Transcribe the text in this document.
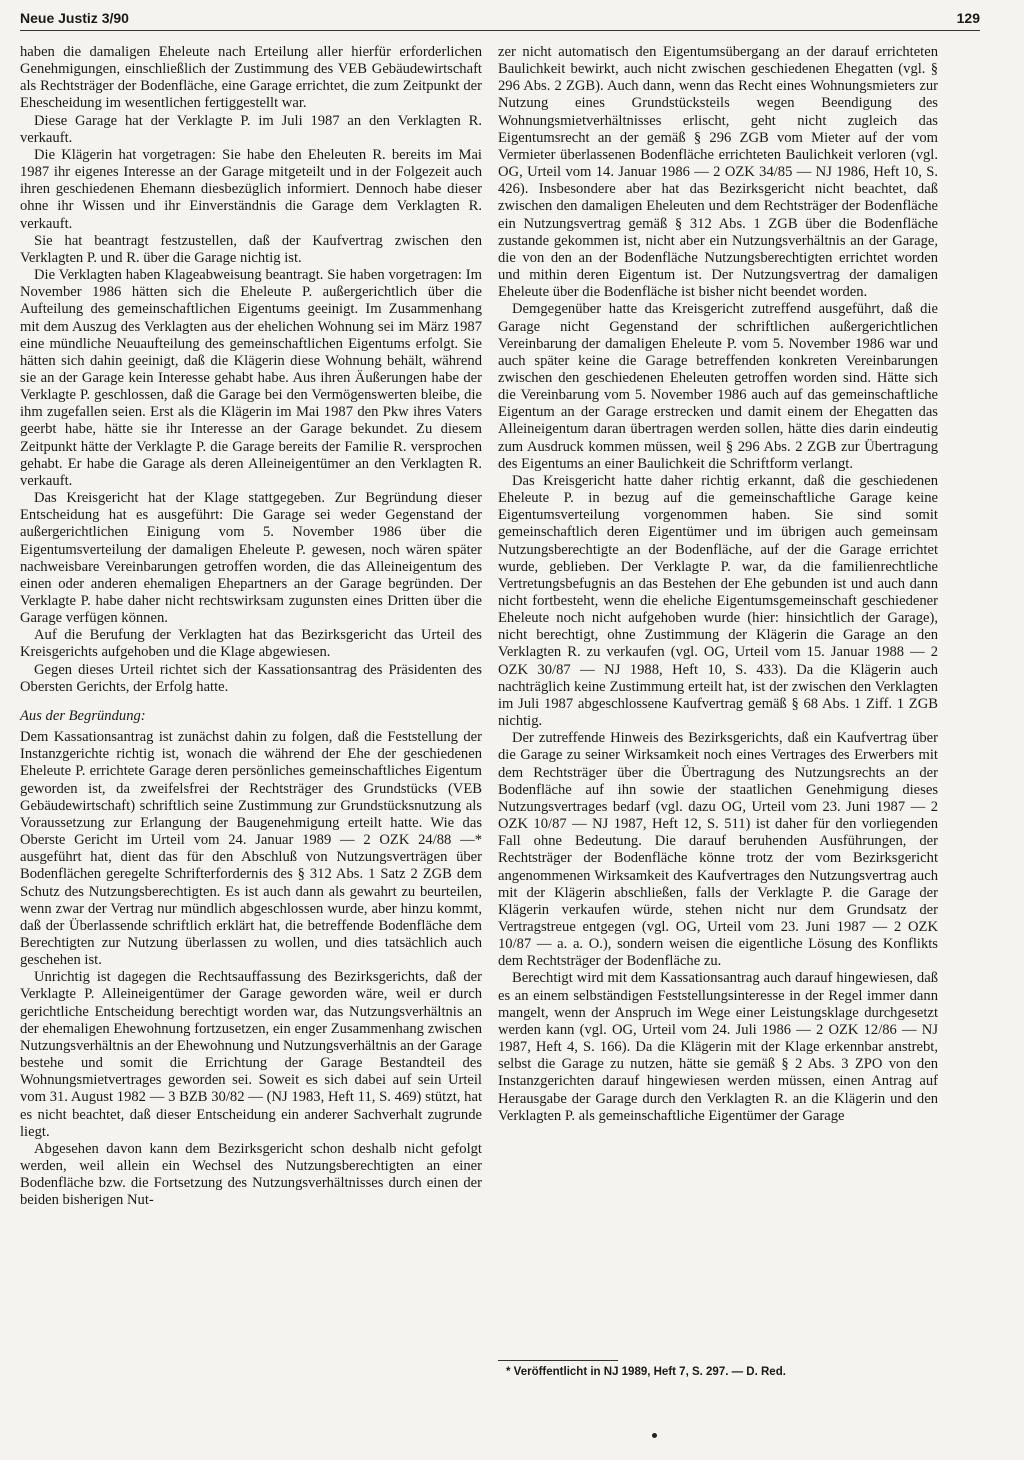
Neue Justiz 3/90	129

haben die damaligen Eheleute nach Erteilung aller hierfür erforderlichen Genehmigungen, einschließlich der Zustimmung des VEB Gebäudewirtschaft als Rechtsträger der Bodenfläche, eine Garage errichtet, die zum Zeitpunkt der Ehescheidung im wesentlichen fertiggestellt war.

Diese Garage hat der Verklagte P. im Juli 1987 an den Verklagten R. verkauft.

Die Klägerin hat vorgetragen: Sie habe den Eheleuten R. bereits im Mai 1987 ihr eigenes Interesse an der Garage mitgeteilt und in der Folgezeit auch ihren geschiedenen Ehemann diesbezüglich informiert. Dennoch habe dieser ohne ihr Wissen und ihr Einverständnis die Garage dem Verklagten R. verkauft.

Sie hat beantragt festzustellen, daß der Kaufvertrag zwischen den Verklagten P. und R. über die Garage nichtig ist.

Die Verklagten haben Klageabweisung beantragt. Sie haben vorgetragen: Im November 1986 hätten sich die Eheleute P. außergerichtlich über die Aufteilung des gemeinschaftlichen Eigentums geeinigt. Im Zusammenhang mit dem Auszug des Verklagten aus der ehelichen Wohnung sei im März 1987 eine mündliche Neuaufteilung des gemeinschaftlichen Eigentums erfolgt. Sie hätten sich dahin geeinigt, daß die Klägerin diese Wohnung behält, während sie an der Garage kein Interesse gehabt habe. Aus ihren Äußerungen habe der Verklagte P. geschlossen, daß die Garage bei den Vermögenswerten bleibe, die ihm zugefallen seien. Erst als die Klägerin im Mai 1987 den Pkw ihres Vaters geerbt habe, hätte sie ihr Interesse an der Garage bekundet. Zu diesem Zeitpunkt hätte der Verklagte P. die Garage bereits der Familie R. versprochen gehabt. Er habe die Garage als deren Alleineigentümer an den Verklagten R. verkauft.

Das Kreisgericht hat der Klage stattgegeben. Zur Begründung dieser Entscheidung hat es ausgeführt: Die Garage sei weder Gegenstand der außergerichtlichen Einigung vom 5. November 1986 über die Eigentumsverteilung der damaligen Eheleute P. gewesen, noch wären später nachweisbare Vereinbarungen getroffen worden, die das Alleineigentum des einen oder anderen ehemaligen Ehepartners an der Garage begründen. Der Verklagte P. habe daher nicht rechtswirksam zugunsten eines Dritten über die Garage verfügen können.

Auf die Berufung der Verklagten hat das Bezirksgericht das Urteil des Kreisgerichts aufgehoben und die Klage abgewiesen.

Gegen dieses Urteil richtet sich der Kassationsantrag des Präsidenten des Obersten Gerichts, der Erfolg hatte.

Aus der Begründung:

Dem Kassationsantrag ist zunächst dahin zu folgen, daß die Feststellung der Instanzgerichte richtig ist, wonach die während der Ehe der geschiedenen Eheleute P. errichtete Garage deren persönliches gemeinschaftliches Eigentum geworden ist, da zweifelsfrei der Rechtsträger des Grundstücks (VEB Gebäudewirtschaft) schriftlich seine Zustimmung zur Grundstücksnutzung als Voraussetzung zur Erlangung der Baugenehmigung erteilt hatte. Wie das Oberste Gericht im Urteil vom 24. Januar 1989 — 2 OZK 24/88 —* ausgeführt hat, dient das für den Abschluß von Nutzungsverträgen über Bodenflächen geregelte Schrifterfordernis des § 312 Abs. 1 Satz 2 ZGB dem Schutz des Nutzungsberechtigten. Es ist auch dann als gewahrt zu beurteilen, wenn zwar der Vertrag nur mündlich abgeschlossen wurde, aber hinzu kommt, daß der Überlassende schriftlich erklärt hat, die betreffende Bodenfläche dem Berechtigten zur Nutzung überlassen zu wollen, und dies tatsächlich auch geschehen ist.

Unrichtig ist dagegen die Rechtsauffassung des Bezirksgerichts, daß der Verklagte P. Alleineigentümer der Garage geworden wäre, weil er durch gerichtliche Entscheidung berechtigt worden war, das Nutzungsverhältnis an der ehemaligen Ehewohnung fortzusetzen, ein enger Zusammenhang zwischen Nutzungsverhältnis an der Ehewohnung und Nutzungsverhältnis an der Garage bestehe und somit die Errichtung der Garage Bestandteil des Wohnungsmietvertrages geworden sei. Soweit es sich dabei auf sein Urteil vom 31. August 1982 — 3 BZB 30/82 — (NJ 1983, Heft 11, S. 469) stützt, hat es nicht beachtet, daß dieser Entscheidung ein anderer Sachverhalt zugrunde liegt.

Abgesehen davon kann dem Bezirksgericht schon deshalb nicht gefolgt werden, weil allein ein Wechsel des Nutzungsberechtigten an einer Bodenfläche bzw. die Fortsetzung des Nutzungsverhältnisses durch einen der beiden bisherigen Nut-

zer nicht automatisch den Eigentumsübergang an der darauf errichteten Baulichkeit bewirkt, auch nicht zwischen geschiedenen Ehegatten (vgl. § 296 Abs. 2 ZGB). Auch dann, wenn das Recht eines Wohnungsmieters zur Nutzung eines Grundstücksteils wegen Beendigung des Wohnungsmietverhältnisses erlischt, geht nicht zugleich das Eigentumsrecht an der gemäß § 296 ZGB vom Mieter auf der vom Vermieter überlassenen Bodenfläche errichteten Baulichkeit verloren (vgl. OG, Urteil vom 14. Januar 1986 — 2 OZK 34/85 — NJ 1986, Heft 10, S. 426). Insbesondere aber hat das Bezirksgericht nicht beachtet, daß zwischen den damaligen Eheleuten und dem Rechtsträger der Bodenfläche ein Nutzungsvertrag gemäß § 312 Abs. 1 ZGB über die Bodenfläche zustande gekommen ist, nicht aber ein Nutzungsverhältnis an der Garage, die von den an der Bodenfläche Nutzungsberechtigten errichtet worden und mithin deren Eigentum ist. Der Nutzungsvertrag der damaligen Eheleute über die Bodenfläche ist bisher nicht beendet worden.

Demgegenüber hatte das Kreisgericht zutreffend ausgeführt, daß die Garage nicht Gegenstand der schriftlichen außergerichtlichen Vereinbarung der damaligen Eheleute P. vom 5. November 1986 war und auch später keine die Garage betreffenden konkreten Vereinbarungen zwischen den geschiedenen Eheleuten getroffen worden sind. Hätte sich die Vereinbarung vom 5. November 1986 auch auf das gemeinschaftliche Eigentum an der Garage erstrecken und damit einem der Ehegatten das Alleineigentum daran übertragen werden sollen, hätte dies darin eindeutig zum Ausdruck kommen müssen, weil § 296 Abs. 2 ZGB zur Übertragung des Eigentums an einer Baulichkeit die Schriftform verlangt.

Das Kreisgericht hatte daher richtig erkannt, daß die geschiedenen Eheleute P. in bezug auf die gemeinschaftliche Garage keine Eigentumsverteilung vorgenommen haben. Sie sind somit gemeinschaftlich deren Eigentümer und im übrigen auch gemeinsam Nutzungsberechtigte an der Bodenfläche, auf der die Garage errichtet wurde, geblieben. Der Verklagte P. war, da die familienrechtliche Vertretungsbefugnis an das Bestehen der Ehe gebunden ist und auch dann nicht fortbesteht, wenn die eheliche Eigentumsgemeinschaft geschiedener Eheleute noch nicht aufgehoben wurde (hier: hinsichtlich der Garage), nicht berechtigt, ohne Zustimmung der Klägerin die Garage an den Verklagten R. zu verkaufen (vgl. OG, Urteil vom 15. Januar 1988 — 2 OZK 30/87 — NJ 1988, Heft 10, S. 433). Da die Klägerin auch nachträglich keine Zustimmung erteilt hat, ist der zwischen den Verklagten im Juli 1987 abgeschlossene Kaufvertrag gemäß § 68 Abs. 1 Ziff. 1 ZGB nichtig.

Der zutreffende Hinweis des Bezirksgerichts, daß ein Kaufvertrag über die Garage zu seiner Wirksamkeit noch eines Vertrages des Erwerbers mit dem Rechtsträger über die Übertragung des Nutzungsrechts an der Bodenfläche auf ihn sowie der staatlichen Genehmigung dieses Nutzungsvertrages bedarf (vgl. dazu OG, Urteil vom 23. Juni 1987 — 2 OZK 10/87 — NJ 1987, Heft 12, S. 511) ist daher für den vorliegenden Fall ohne Bedeutung. Die darauf beruhenden Ausführungen, der Rechtsträger der Bodenfläche könne trotz der vom Bezirksgericht angenommenen Wirksamkeit des Kaufvertrages den Nutzungsvertrag auch mit der Klägerin abschließen, falls der Verklagte P. die Garage der Klägerin verkaufen würde, stehen nicht nur dem Grundsatz der Vertragstreue entgegen (vgl. OG, Urteil vom 23. Juni 1987 — 2 OZK 10/87 — a. a. O.), sondern weisen die eigentliche Lösung des Konflikts dem Rechtsträger der Bodenfläche zu.

Berechtigt wird mit dem Kassationsantrag auch darauf hingewiesen, daß es an einem selbständigen Feststellungsinteresse in der Regel immer dann mangelt, wenn der Anspruch im Wege einer Leistungsklage durchgesetzt werden kann (vgl. OG, Urteil vom 24. Juli 1986 — 2 OZK 12/86 — NJ 1987, Heft 4, S. 166). Da die Klägerin mit der Klage erkennbar anstrebt, selbst die Garage zu nutzen, hätte sie gemäß § 2 Abs. 3 ZPO von den Instanzgerichten darauf hingewiesen werden müssen, einen Antrag auf Herausgabe der Garage durch den Verklagten R. an die Klägerin und den Verklagten P. als gemeinschaftliche Eigentümer der Garage

* Veröffentlicht in NJ 1989, Heft 7, S. 297. — D. Red.
